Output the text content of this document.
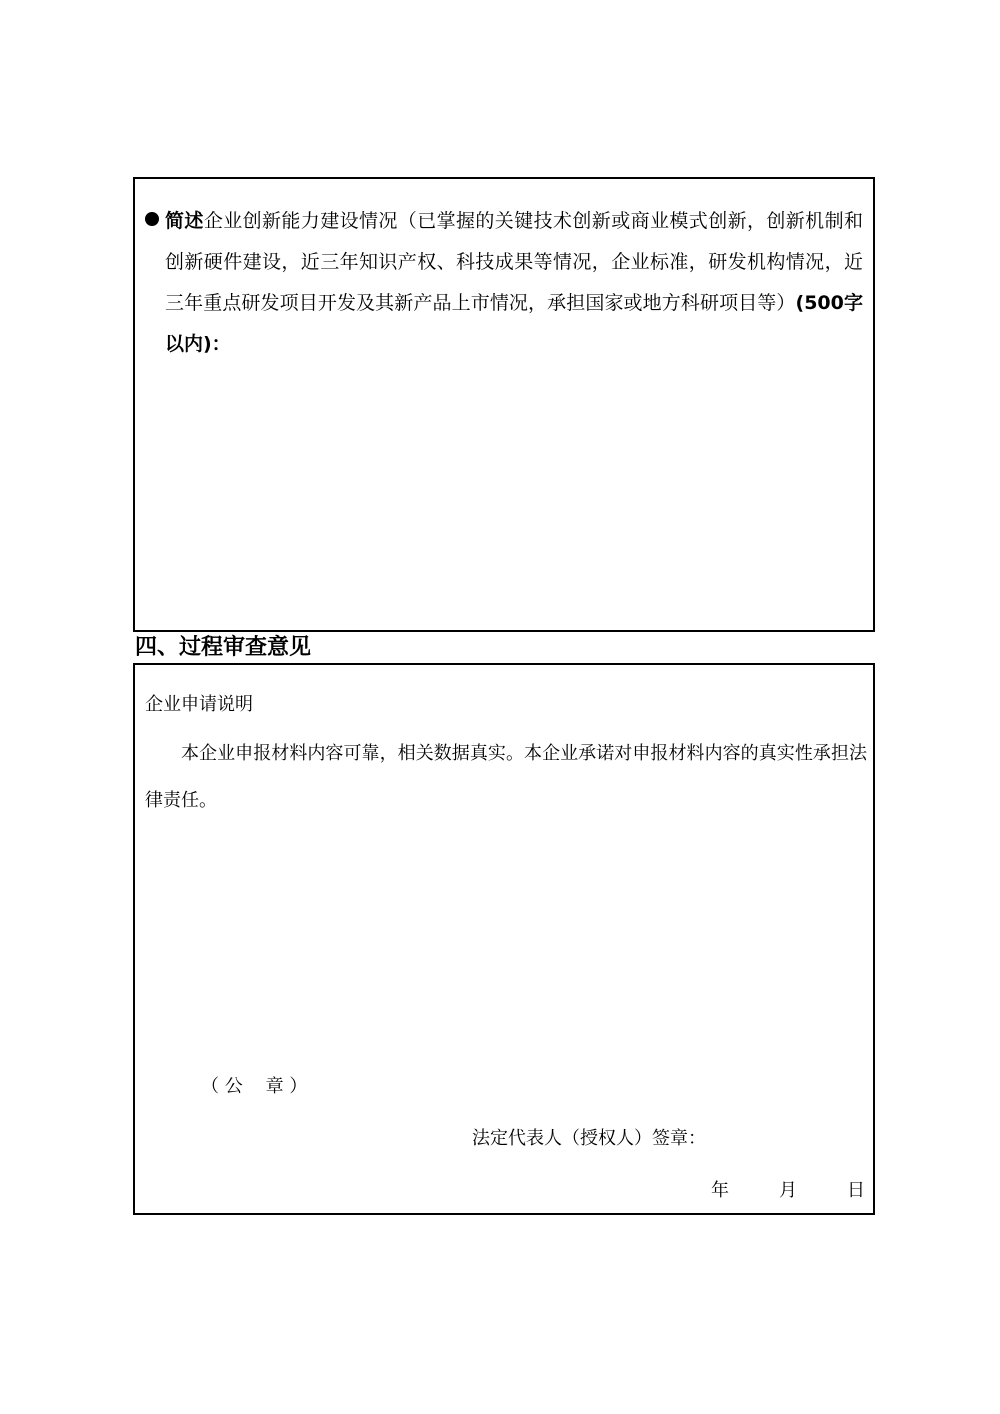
简述企业创新能力建设情况（已掌握的关键技术创新或商业模式创新，创新机制和创新硬件建设，近三年知识产权、科技成果等情况，企业标准，研发机构情况，近三年重点研发项目开发及其新产品上市情况，承担国家或地方科研项目等）(500字以内)：
四、过程审查意见
企业申请说明
本企业申报材料内容可靠，相关数据真实。本企业承诺对申报材料内容的真实性承担法律责任。
（ 公    章 ）
法定代表人（授权人）签章：
年	月	日
